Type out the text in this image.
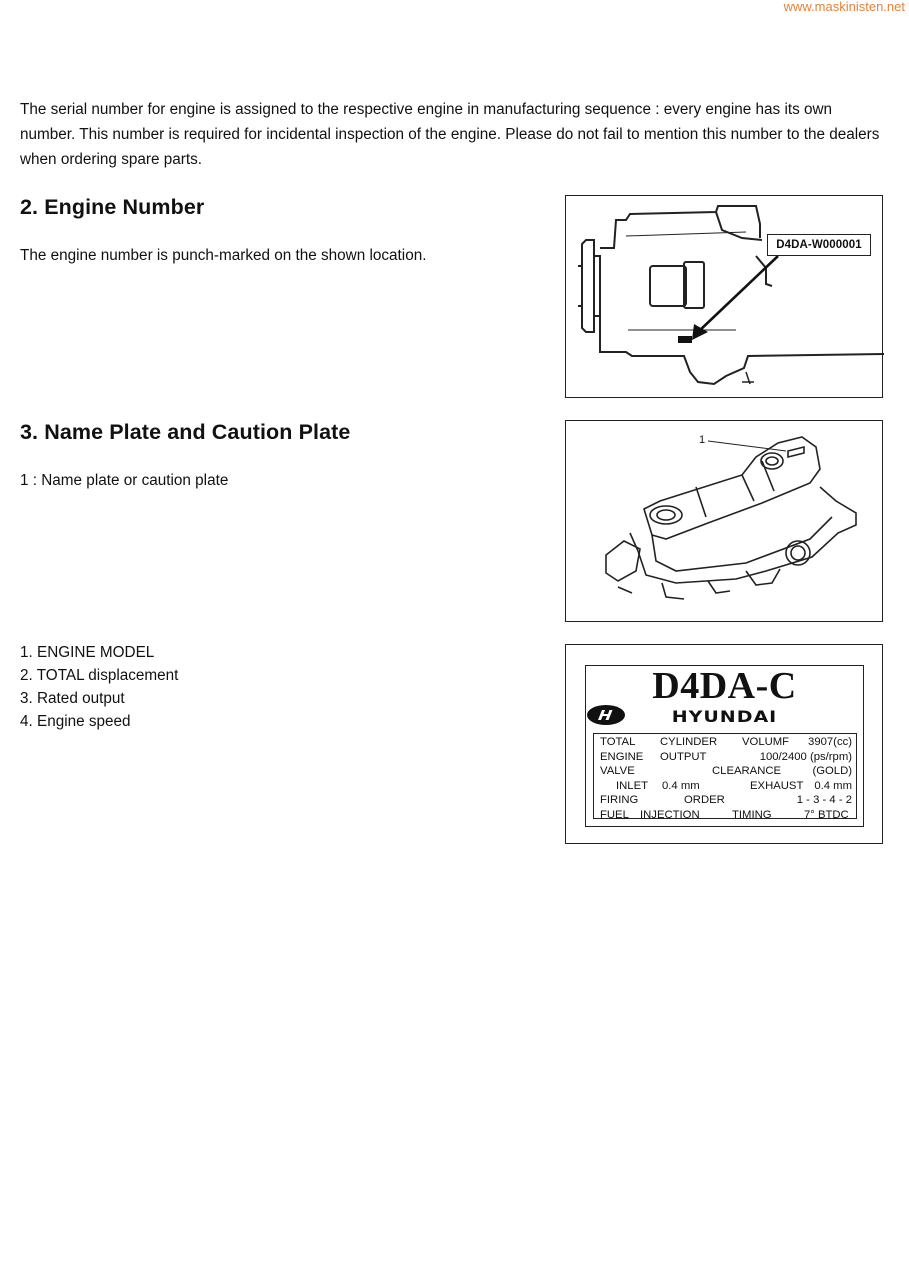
www.maskinisten.net

The serial number for engine is assigned to the respective engine in manufacturing sequence : every engine has its own number. This number is required for incidental inspection of the engine. Please do not fail to mention this number to the dealers when ordering spare parts.

2. Engine Number

The engine number is punch-marked on the shown location.

D4DA-W000001
3. Name Plate and Caution Plate

1 : Name plate or caution plate

1
1. ENGINE MODEL
2. TOTAL displacement
3. Rated output
4. Engine speed
D4DA-C
HYUNDAI
TOTAL CYLINDER VOLUMF 3907(cc)
ENGINE OUTPUT	100/2400 (ps/rpm)
VALVE	CLEARANCE	(GOLD)
INLET 0.4 mm	EXHAUST 0.4 mm
FIRING	ORDER	1 - 3 - 4 - 2
FUEL INJECTION	TIMING	7° BTDC
